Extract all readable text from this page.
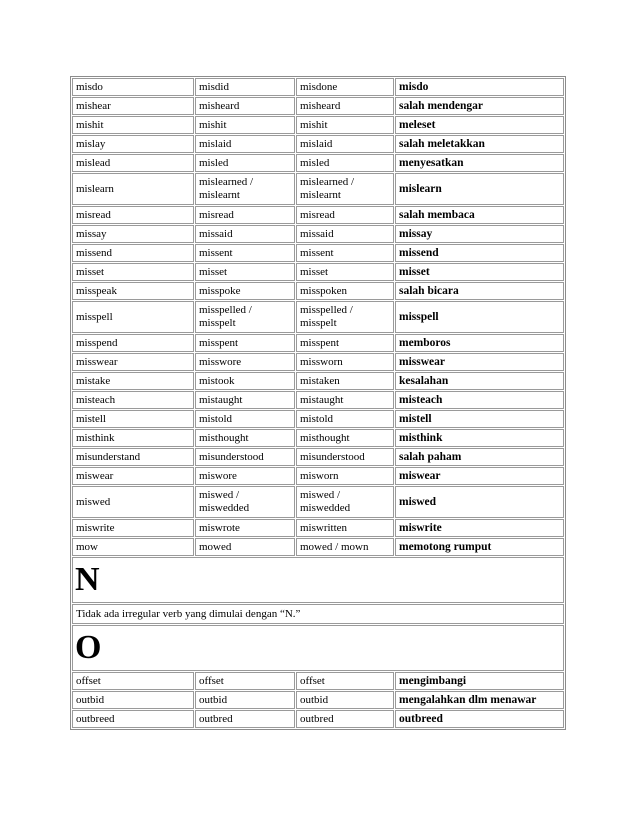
misdo	misdid	misdone	misdo
mishear	misheard	misheard	salah mendengar
mishit	mishit	mishit	meleset
mislay	mislaid	mislaid	salah meletakkan
mislead	misled	misled	menyesatkan
mislearn	mislearned / mislearnt	mislearned / mislearnt	mislearn
misread	misread	misread	salah membaca
missay	missaid	missaid	missay
missend	missent	missent	missend
misset	misset	misset	misset
misspeak	misspoke	misspoken	salah bicara
misspell	misspelled / misspelt	misspelled / misspelt	misspell
misspend	misspent	misspent	memboros
misswear	misswore	missworn	misswear
mistake	mistook	mistaken	kesalahan
misteach	mistaught	mistaught	misteach
mistell	mistold	mistold	mistell
misthink	misthought	misthought	misthink
misunderstand	misunderstood	misunderstood	salah paham
miswear	miswore	misworn	miswear
miswed	miswed / miswedded	miswed / miswedded	miswed
miswrite	miswrote	miswritten	miswrite
mow	mowed	mowed / mown	memotong rumput
N			
Tidak ada irregular verb yang dimulai dengan “N.”			
O			
offset	offset	offset	mengimbangi
outbid	outbid	outbid	mengalahkan dlm menawar
outbreed	outbred	outbred	outbreed
